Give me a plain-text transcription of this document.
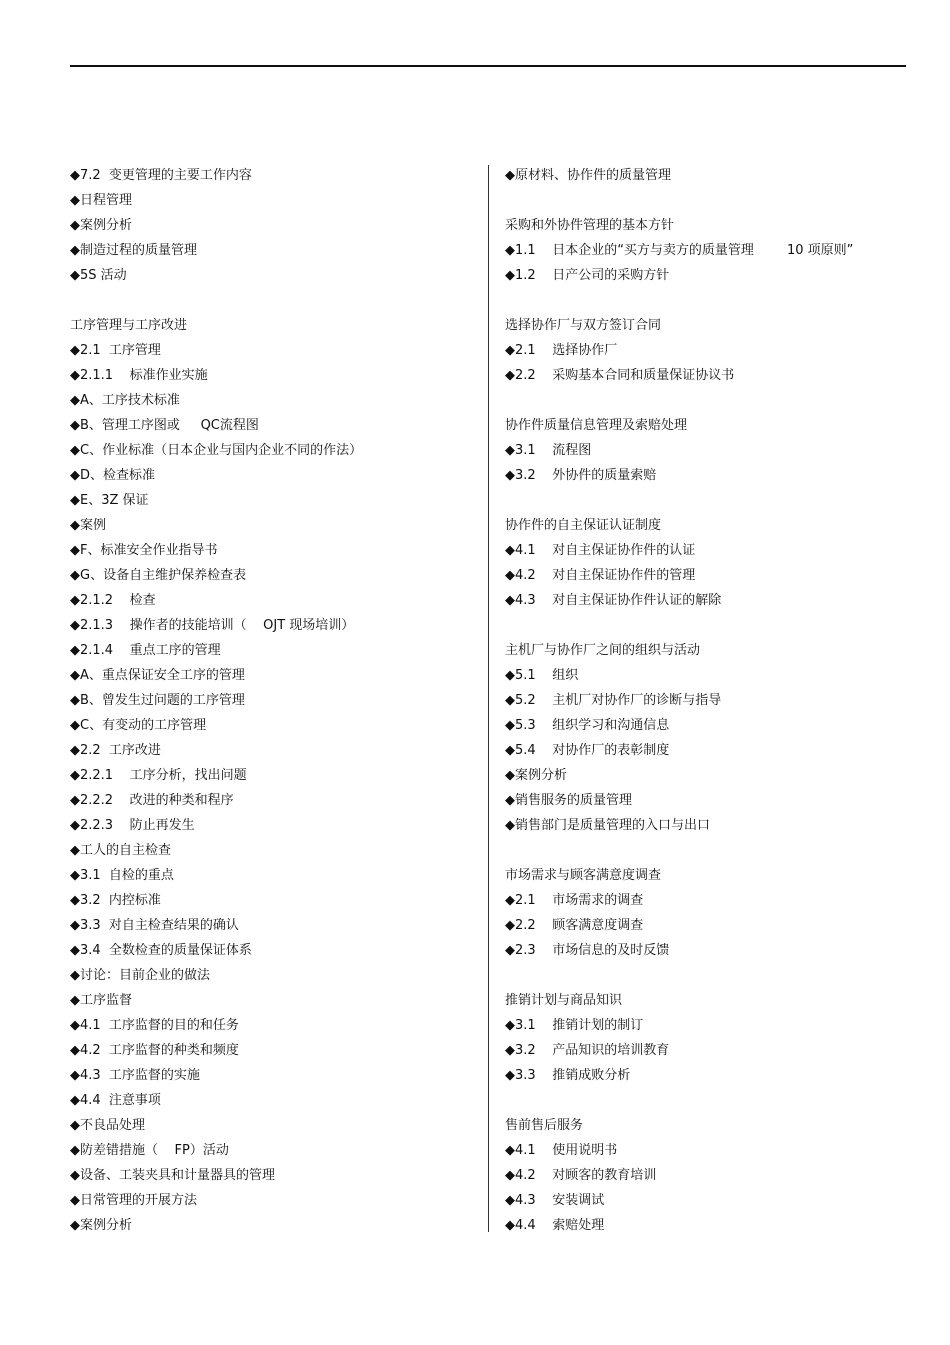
◆7.2  变更管理的主要工作内容
◆日程管理
◆案例分析
◆制造过程的质量管理
◆5S 活动
工序管理与工序改进
◆2.1  工序管理
◆2.1.1    标准作业实施
◆A、工序技术标准
◆B、管理工序图或     QC流程图
◆C、作业标准（日本企业与国内企业不同的作法）
◆D、检查标准
◆E、3Z 保证
◆案例
◆F、标准安全作业指导书
◆G、设备自主维护保养检查表
◆2.1.2    检查
◆2.1.3    操作者的技能培训（    OJT 现场培训）
◆2.1.4    重点工序的管理
◆A、重点保证安全工序的管理
◆B、曾发生过问题的工序管理
◆C、有变动的工序管理
◆2.2  工序改进
◆2.2.1    工序分析，找出问题
◆2.2.2    改进的种类和程序
◆2.2.3    防止再发生
◆工人的自主检查
◆3.1  自检的重点
◆3.2  内控标准
◆3.3  对自主检查结果的确认
◆3.4  全数检查的质量保证体系
◆讨论：目前企业的做法
◆工序监督
◆4.1  工序监督的目的和任务
◆4.2  工序监督的种类和频度
◆4.3  工序监督的实施
◆4.4  注意事项
◆不良品处理
◆防差错措施（    FP）活动
◆设备、工装夹具和计量器具的管理
◆日常管理的开展方法
◆案例分析
◆原材料、协作件的质量管理
采购和外协件管理的基本方针
◆1.1    日本企业的“买方与卖方的质量管理        10 项原则”
◆1.2    日产公司的采购方针
选择协作厂与双方签订合同
◆2.1    选择协作厂
◆2.2    采购基本合同和质量保证协议书
协作件质量信息管理及索赔处理
◆3.1    流程图
◆3.2    外协件的质量索赔
协作件的自主保证认证制度
◆4.1    对自主保证协作件的认证
◆4.2    对自主保证协作件的管理
◆4.3    对自主保证协作件认证的解除
主机厂与协作厂之间的组织与活动
◆5.1    组织
◆5.2    主机厂对协作厂的诊断与指导
◆5.3    组织学习和沟通信息
◆5.4    对协作厂的表彰制度
◆案例分析
◆销售服务的质量管理
◆销售部门是质量管理的入口与出口
市场需求与顾客满意度调查
◆2.1    市场需求的调查
◆2.2    顾客满意度调查
◆2.3    市场信息的及时反馈
推销计划与商品知识
◆3.1    推销计划的制订
◆3.2    产品知识的培训教育
◆3.3    推销成败分析
售前售后服务
◆4.1    使用说明书
◆4.2    对顾客的教育培训
◆4.3    安装调试
◆4.4    索赔处理
